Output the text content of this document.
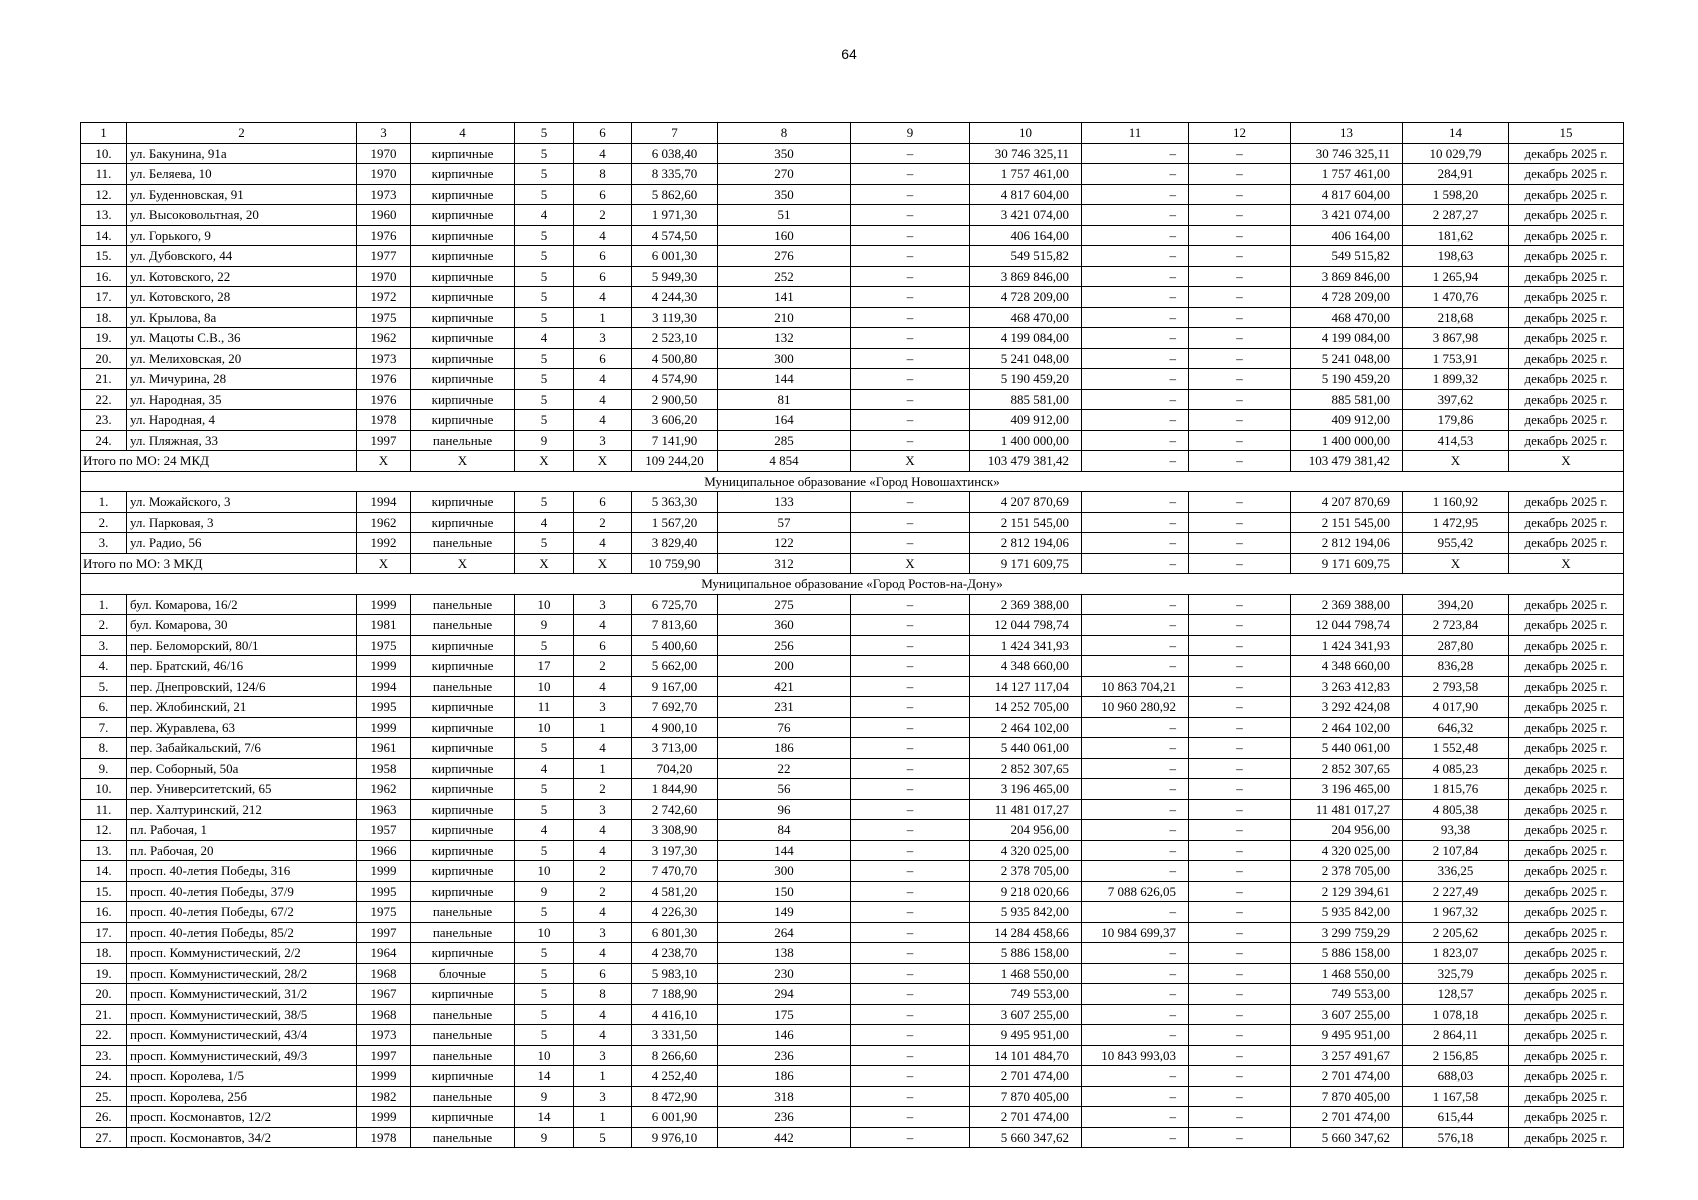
64
1	2	3	4	5	6	7	8	9	10	11	12	13	14	15
10.	ул. Бакунина, 91а	1970	кирпичные	5	4	6 038,40	350	–	30 746 325,11	–	–	30 746 325,11	10 029,79	декабрь 2025 г.
11.	ул. Беляева, 10	1970	кирпичные	5	8	8 335,70	270	–	1 757 461,00	–	–	1 757 461,00	284,91	декабрь 2025 г.
12.	ул. Буденновская, 91	1973	кирпичные	5	6	5 862,60	350	–	4 817 604,00	–	–	4 817 604,00	1 598,20	декабрь 2025 г.
13.	ул. Высоковольтная, 20	1960	кирпичные	4	2	1 971,30	51	–	3 421 074,00	–	–	3 421 074,00	2 287,27	декабрь 2025 г.
14.	ул. Горького, 9	1976	кирпичные	5	4	4 574,50	160	–	406 164,00	–	–	406 164,00	181,62	декабрь 2025 г.
15.	ул. Дубовского, 44	1977	кирпичные	5	6	6 001,30	276	–	549 515,82	–	–	549 515,82	198,63	декабрь 2025 г.
16.	ул. Котовского, 22	1970	кирпичные	5	6	5 949,30	252	–	3 869 846,00	–	–	3 869 846,00	1 265,94	декабрь 2025 г.
17.	ул. Котовского, 28	1972	кирпичные	5	4	4 244,30	141	–	4 728 209,00	–	–	4 728 209,00	1 470,76	декабрь 2025 г.
18.	ул. Крылова, 8а	1975	кирпичные	5	1	3 119,30	210	–	468 470,00	–	–	468 470,00	218,68	декабрь 2025 г.
19.	ул. Мацоты С.В., 36	1962	кирпичные	4	3	2 523,10	132	–	4 199 084,00	–	–	4 199 084,00	3 867,98	декабрь 2025 г.
20.	ул. Мелиховская, 20	1973	кирпичные	5	6	4 500,80	300	–	5 241 048,00	–	–	5 241 048,00	1 753,91	декабрь 2025 г.
21.	ул. Мичурина, 28	1976	кирпичные	5	4	4 574,90	144	–	5 190 459,20	–	–	5 190 459,20	1 899,32	декабрь 2025 г.
22.	ул. Народная, 35	1976	кирпичные	5	4	2 900,50	81	–	885 581,00	–	–	885 581,00	397,62	декабрь 2025 г.
23.	ул. Народная, 4	1978	кирпичные	5	4	3 606,20	164	–	409 912,00	–	–	409 912,00	179,86	декабрь 2025 г.
24.	ул. Пляжная, 33	1997	панельные	9	3	7 141,90	285	–	1 400 000,00	–	–	1 400 000,00	414,53	декабрь 2025 г.
Итого по МО: 24 МКД		Х	Х	Х	Х	109 244,20	4 854	Х	103 479 381,42	–	–	103 479 381,42	Х	Х
Муниципальное образование «Город Новошахтинск»														
1.	ул. Можайского, 3	1994	кирпичные	5	6	5 363,30	133	–	4 207 870,69	–	–	4 207 870,69	1 160,92	декабрь 2025 г.
2.	ул. Парковая, 3	1962	кирпичные	4	2	1 567,20	57	–	2 151 545,00	–	–	2 151 545,00	1 472,95	декабрь 2025 г.
3.	ул. Радио, 56	1992	панельные	5	4	3 829,40	122	–	2 812 194,06	–	–	2 812 194,06	955,42	декабрь 2025 г.
Итого по МО: 3 МКД		Х	Х	Х	Х	10 759,90	312	Х	9 171 609,75	–	–	9 171 609,75	Х	Х
Муниципальное образование «Город Ростов-на-Дону»														
1.	бул. Комарова, 16/2	1999	панельные	10	3	6 725,70	275	–	2 369 388,00	–	–	2 369 388,00	394,20	декабрь 2025 г.
2.	бул. Комарова, 30	1981	панельные	9	4	7 813,60	360	–	12 044 798,74	–	–	12 044 798,74	2 723,84	декабрь 2025 г.
3.	пер. Беломорский, 80/1	1975	кирпичные	5	6	5 400,60	256	–	1 424 341,93	–	–	1 424 341,93	287,80	декабрь 2025 г.
4.	пер. Братский, 46/16	1999	кирпичные	17	2	5 662,00	200	–	4 348 660,00	–	–	4 348 660,00	836,28	декабрь 2025 г.
5.	пер. Днепровский, 124/6	1994	панельные	10	4	9 167,00	421	–	14 127 117,04	10 863 704,21	–	3 263 412,83	2 793,58	декабрь 2025 г.
6.	пер. Жлобинский, 21	1995	кирпичные	11	3	7 692,70	231	–	14 252 705,00	10 960 280,92	–	3 292 424,08	4 017,90	декабрь 2025 г.
7.	пер. Журавлева, 63	1999	кирпичные	10	1	4 900,10	76	–	2 464 102,00	–	–	2 464 102,00	646,32	декабрь 2025 г.
8.	пер. Забайкальский, 7/6	1961	кирпичные	5	4	3 713,00	186	–	5 440 061,00	–	–	5 440 061,00	1 552,48	декабрь 2025 г.
9.	пер. Соборный, 50а	1958	кирпичные	4	1	704,20	22	–	2 852 307,65	–	–	2 852 307,65	4 085,23	декабрь 2025 г.
10.	пер. Университетский, 65	1962	кирпичные	5	2	1 844,90	56	–	3 196 465,00	–	–	3 196 465,00	1 815,76	декабрь 2025 г.
11.	пер. Халтуринский, 212	1963	кирпичные	5	3	2 742,60	96	–	11 481 017,27	–	–	11 481 017,27	4 805,38	декабрь 2025 г.
12.	пл. Рабочая, 1	1957	кирпичные	4	4	3 308,90	84	–	204 956,00	–	–	204 956,00	93,38	декабрь 2025 г.
13.	пл. Рабочая, 20	1966	кирпичные	5	4	3 197,30	144	–	4 320 025,00	–	–	4 320 025,00	2 107,84	декабрь 2025 г.
14.	просп. 40-летия Победы, 316	1999	кирпичные	10	2	7 470,70	300	–	2 378 705,00	–	–	2 378 705,00	336,25	декабрь 2025 г.
15.	просп. 40-летия Победы, 37/9	1995	кирпичные	9	2	4 581,20	150	–	9 218 020,66	7 088 626,05	–	2 129 394,61	2 227,49	декабрь 2025 г.
16.	просп. 40-летия Победы, 67/2	1975	панельные	5	4	4 226,30	149	–	5 935 842,00	–	–	5 935 842,00	1 967,32	декабрь 2025 г.
17.	просп. 40-летия Победы, 85/2	1997	панельные	10	3	6 801,30	264	–	14 284 458,66	10 984 699,37	–	3 299 759,29	2 205,62	декабрь 2025 г.
18.	просп. Коммунистический, 2/2	1964	кирпичные	5	4	4 238,70	138	–	5 886 158,00	–	–	5 886 158,00	1 823,07	декабрь 2025 г.
19.	просп. Коммунистический, 28/2	1968	блочные	5	6	5 983,10	230	–	1 468 550,00	–	–	1 468 550,00	325,79	декабрь 2025 г.
20.	просп. Коммунистический, 31/2	1967	кирпичные	5	8	7 188,90	294	–	749 553,00	–	–	749 553,00	128,57	декабрь 2025 г.
21.	просп. Коммунистический, 38/5	1968	панельные	5	4	4 416,10	175	–	3 607 255,00	–	–	3 607 255,00	1 078,18	декабрь 2025 г.
22.	просп. Коммунистический, 43/4	1973	панельные	5	4	3 331,50	146	–	9 495 951,00	–	–	9 495 951,00	2 864,11	декабрь 2025 г.
23.	просп. Коммунистический, 49/3	1997	панельные	10	3	8 266,60	236	–	14 101 484,70	10 843 993,03	–	3 257 491,67	2 156,85	декабрь 2025 г.
24.	просп. Королева, 1/5	1999	кирпичные	14	1	4 252,40	186	–	2 701 474,00	–	–	2 701 474,00	688,03	декабрь 2025 г.
25.	просп. Королева, 25б	1982	панельные	9	3	8 472,90	318	–	7 870 405,00	–	–	7 870 405,00	1 167,58	декабрь 2025 г.
26.	просп. Космонавтов, 12/2	1999	кирпичные	14	1	6 001,90	236	–	2 701 474,00	–	–	2 701 474,00	615,44	декабрь 2025 г.
27.	просп. Космонавтов, 34/2	1978	панельные	9	5	9 976,10	442	–	5 660 347,62	–	–	5 660 347,62	576,18	декабрь 2025 г.
